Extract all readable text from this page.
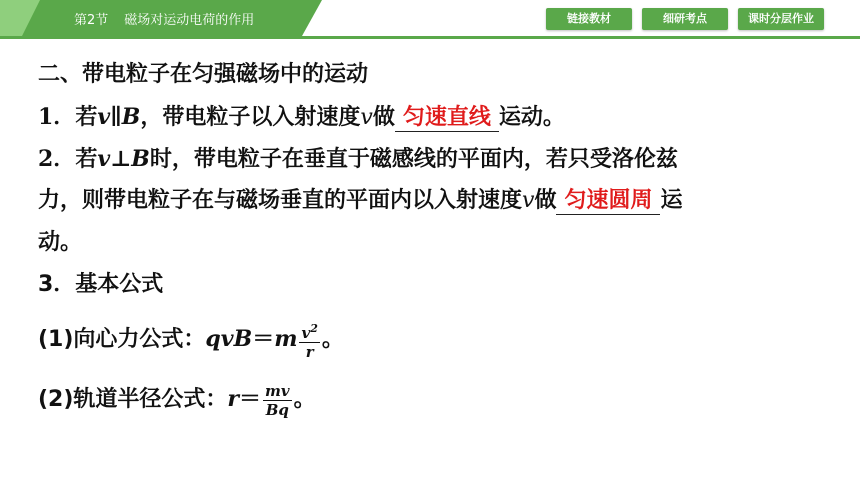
第2节 磁场对运动电荷的作用	链接教材	细研考点	课时分层作业
二、带电粒子在匀强磁场中的运动
1．若v∥B，带电粒子以入射速度v做 匀速直线 运动。
2．若v⊥B时，带电粒子在垂直于磁感线的平面内，若只受洛伦兹
力，则带电粒子在与磁场垂直的平面内以入射速度v做 匀速圆周 运
动。
3．基本公式
(1)向心力公式：$qvB=m \frac{v^2}{r}$ 。
(2)轨道半径公式：$r= \frac{mv}{Bq}$ 。
